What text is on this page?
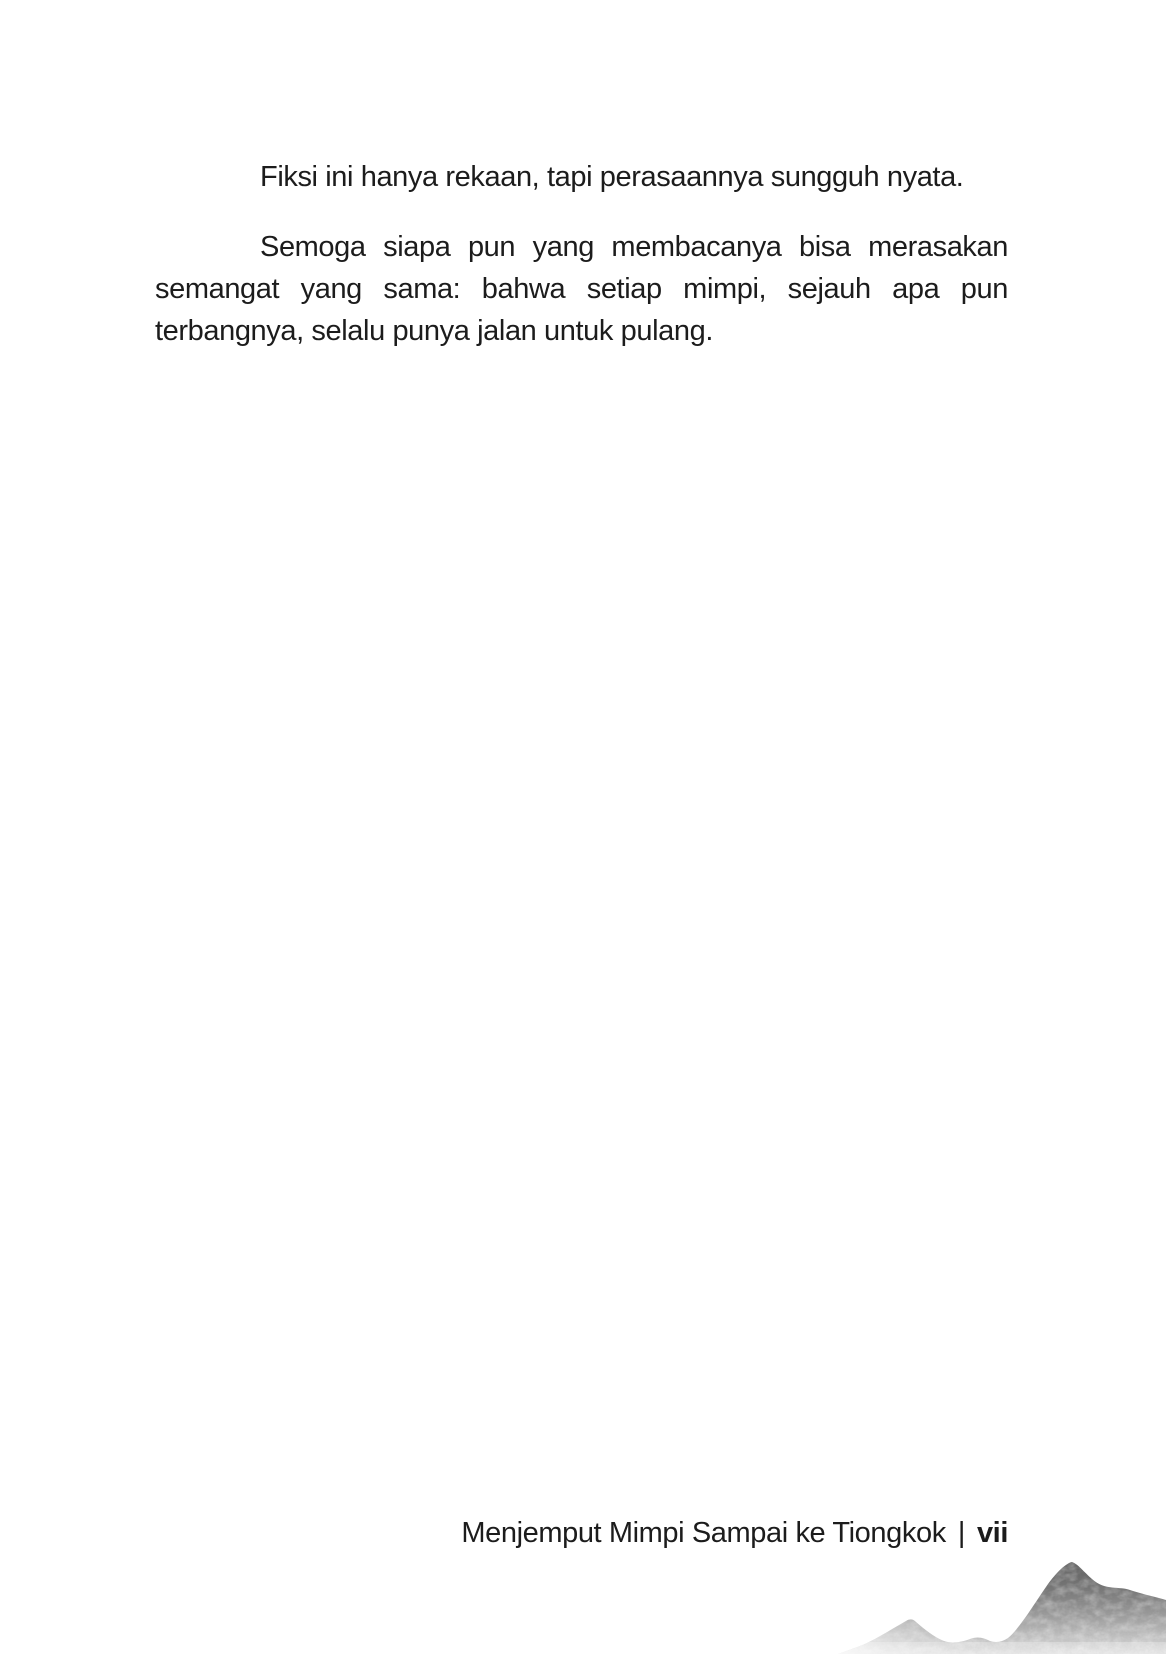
Fiksi ini hanya rekaan, tapi perasaannya sungguh nyata.

Semoga siapa pun yang membacanya bisa merasakan
semangat yang sama: bahwa setiap mimpi, sejauh apa pun
terbangnya, selalu punya jalan untuk pulang.
Menjemput Mimpi Sampai ke Tiongkok | vii
